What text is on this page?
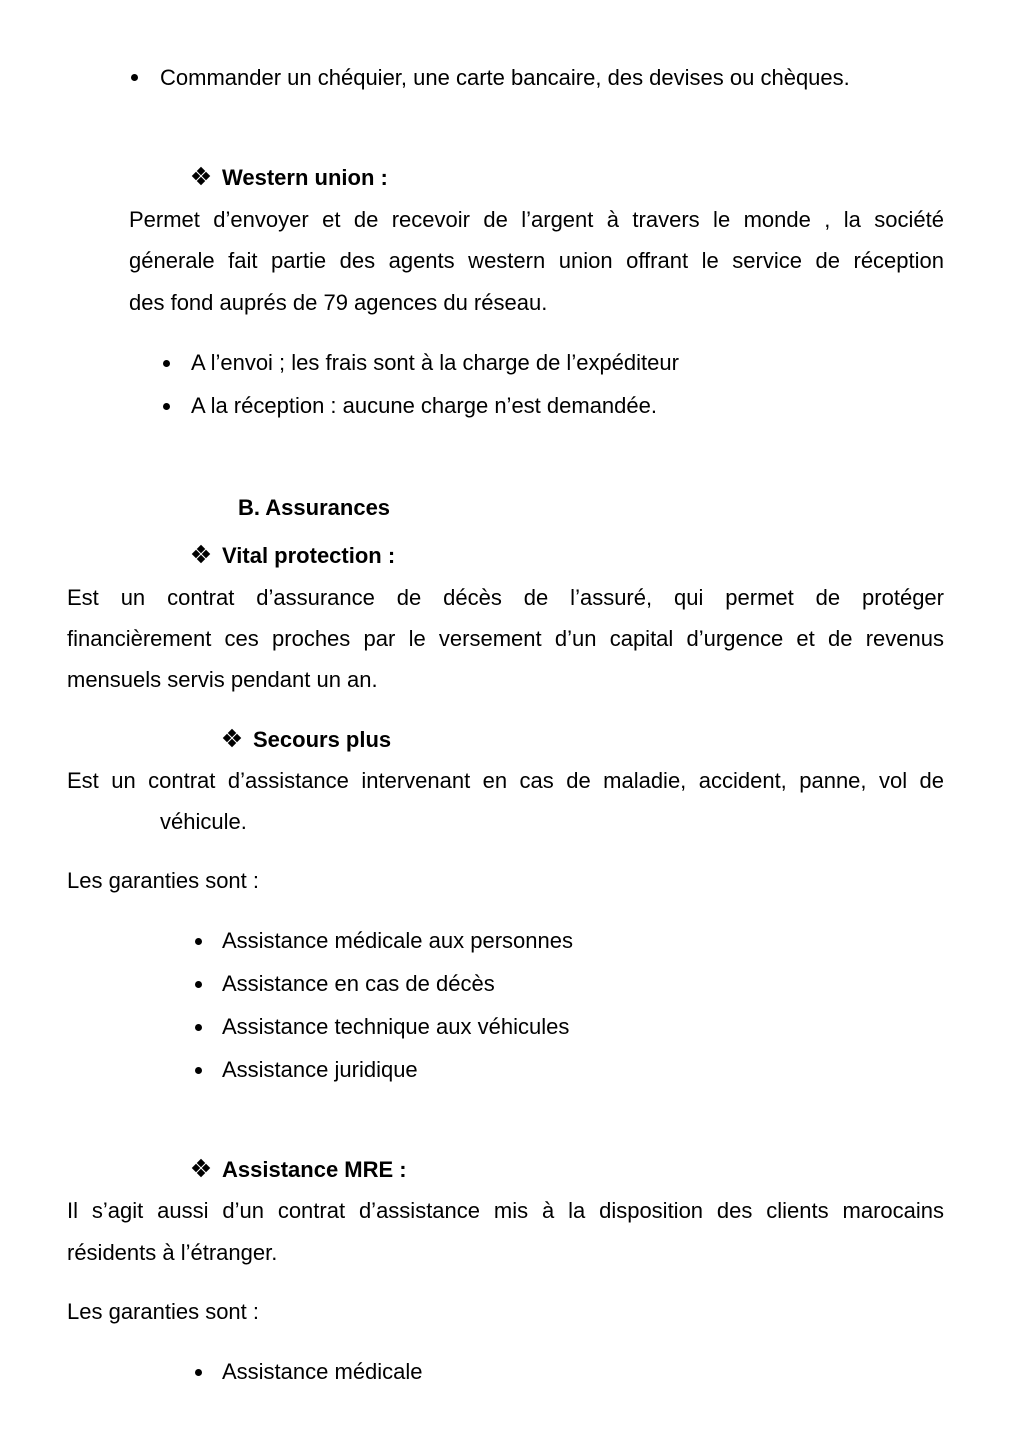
Commander un chéquier, une carte bancaire, des devises ou chèques.
Western union :
Permet d’envoyer et de recevoir de l’argent à travers le monde , la société
génerale fait partie des agents western union offrant le service de réception
des fond auprés de 79 agences du réseau.
A l’envoi ; les frais sont à la charge de l’expéditeur
A la réception : aucune charge n’est demandée.
B. Assurances
Vital protection :
Est un contrat d’assurance de décès de l’assuré, qui permet de protéger
financièrement ces proches par le versement d’un capital d’urgence et de revenus
mensuels servis pendant un an.
Secours plus
Est un contrat d’assistance intervenant en cas de maladie, accident, panne, vol de
véhicule.
Les garanties sont :
Assistance médicale aux personnes
Assistance en cas de décès
Assistance technique aux véhicules
Assistance juridique
Assistance MRE :
Il s’agit aussi d’un contrat d’assistance mis à la disposition des clients marocains
résidents à l’étranger.
Les garanties sont :
Assistance médicale
